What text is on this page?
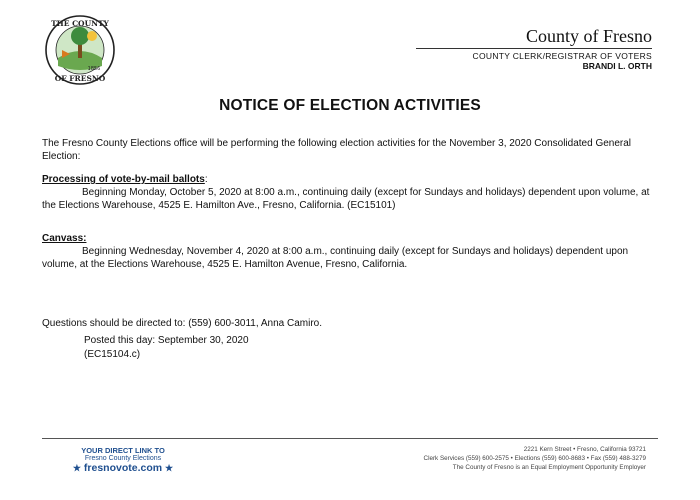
THE COUNTY
OF FRESNO
1856
County of Fresno
COUNTY CLERK/REGISTRAR OF VOTERS
BRANDI L. ORTH
NOTICE OF ELECTION ACTIVITIES
The Fresno County Elections office will be performing the following election activities for the November 3, 2020 Consolidated General Election:
Processing of vote-by-mail ballots:
Beginning Monday, October 5, 2020 at 8:00 a.m., continuing daily (except for Sundays and holidays) dependent upon volume, at the Elections Warehouse, 4525 E. Hamilton Ave., Fresno, California. (EC15101)
Canvass:
Beginning Wednesday, November 4, 2020 at 8:00 a.m., continuing daily (except for Sundays and holidays) dependent upon volume, at the Elections Warehouse, 4525 E. Hamilton Avenue, Fresno, California.
Questions should be directed to: (559) 600-3011, Anna Camiro.
Posted this day: September 30, 2020
(EC15104.c)
YOUR DIRECT LINK TO
Fresno County Elections
★ fresnovote.com ★
2221 Kern Street • Fresno, California 93721
Clerk Services (559) 600-2575 • Elections (559) 600-8683 • Fax (559) 488-3279
The County of Fresno is an Equal Employment Opportunity Employer
